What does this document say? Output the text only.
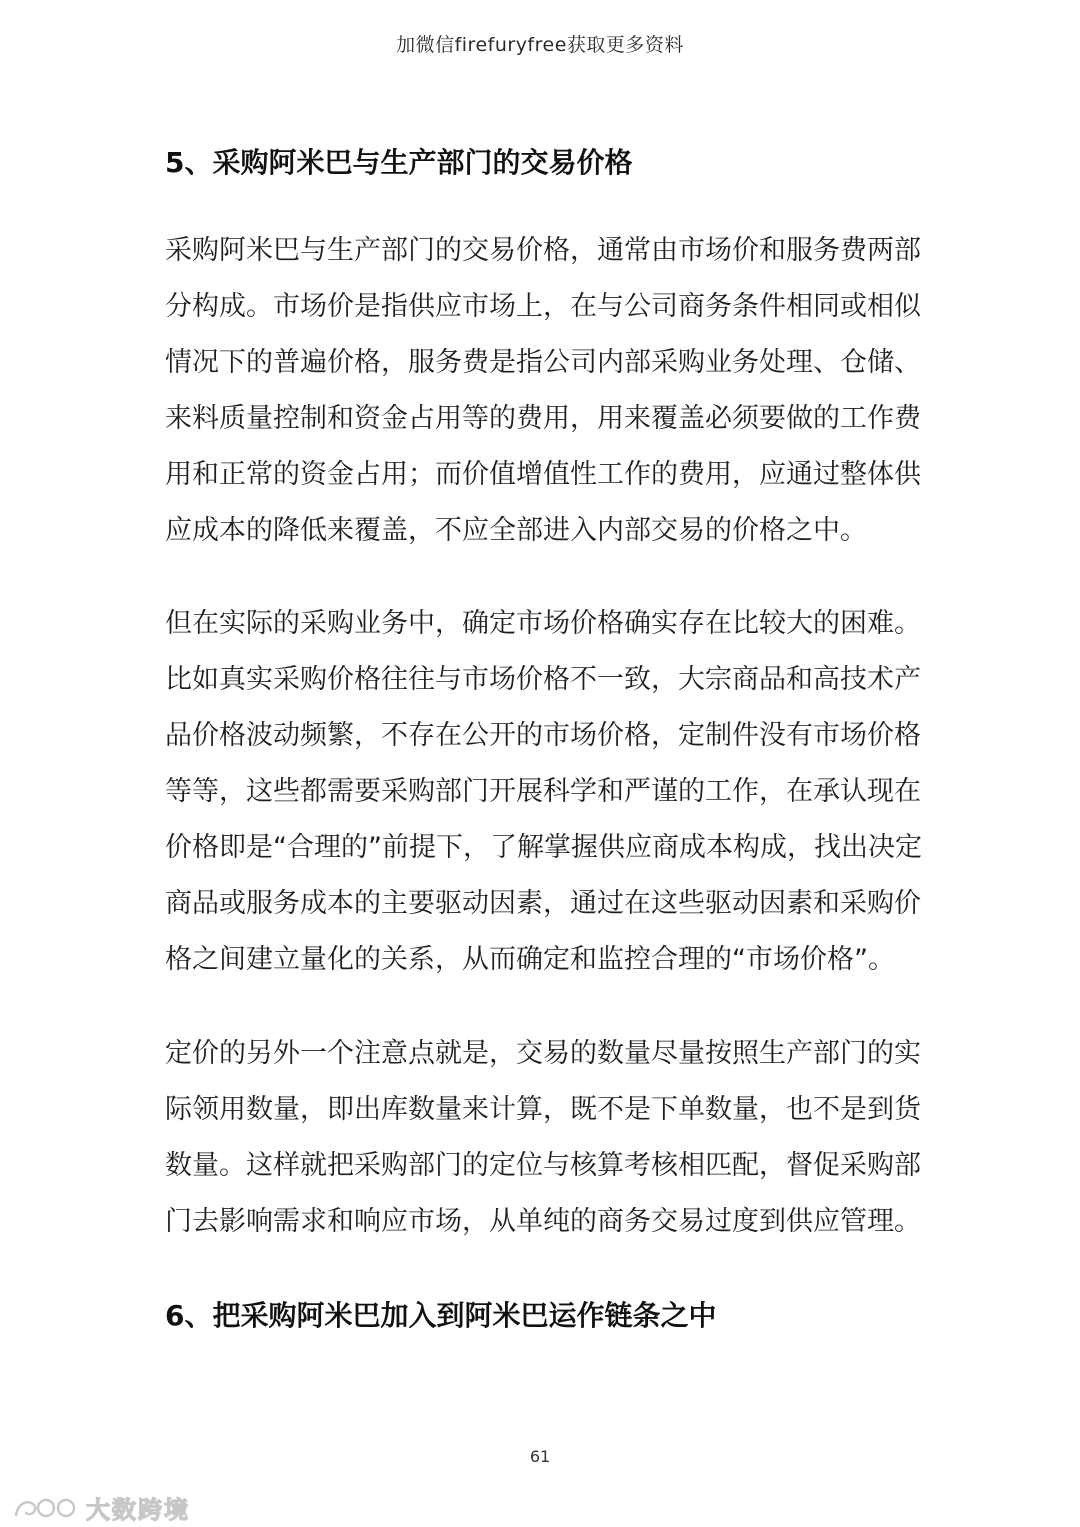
加微信firefuryfree获取更多资料
5、采购阿米巴与生产部门的交易价格
采购阿米巴与生产部门的交易价格，通常由市场价和服务费两部
分构成。市场价是指供应市场上，在与公司商务条件相同或相似
情况下的普遍价格，服务费是指公司内部采购业务处理、仓储、
来料质量控制和资金占用等的费用，用来覆盖必须要做的工作费
用和正常的资金占用；而价值增值性工作的费用，应通过整体供
应成本的降低来覆盖，不应全部进入内部交易的价格之中。
但在实际的采购业务中，确定市场价格确实存在比较大的困难。
比如真实采购价格往往与市场价格不一致，大宗商品和高技术产
品价格波动频繁，不存在公开的市场价格，定制件没有市场价格
等等，这些都需要采购部门开展科学和严谨的工作，在承认现在
价格即是“合理的”前提下，了解掌握供应商成本构成，找出决定
商品或服务成本的主要驱动因素，通过在这些驱动因素和采购价
格之间建立量化的关系，从而确定和监控合理的“市场价格”。
定价的另外一个注意点就是，交易的数量尽量按照生产部门的实
际领用数量，即出库数量来计算，既不是下单数量，也不是到货
数量。这样就把采购部门的定位与核算考核相匹配，督促采购部
门去影响需求和响应市场，从单纯的商务交易过度到供应管理。
6、把采购阿米巴加入到阿米巴运作链条之中
61
大数跨境
